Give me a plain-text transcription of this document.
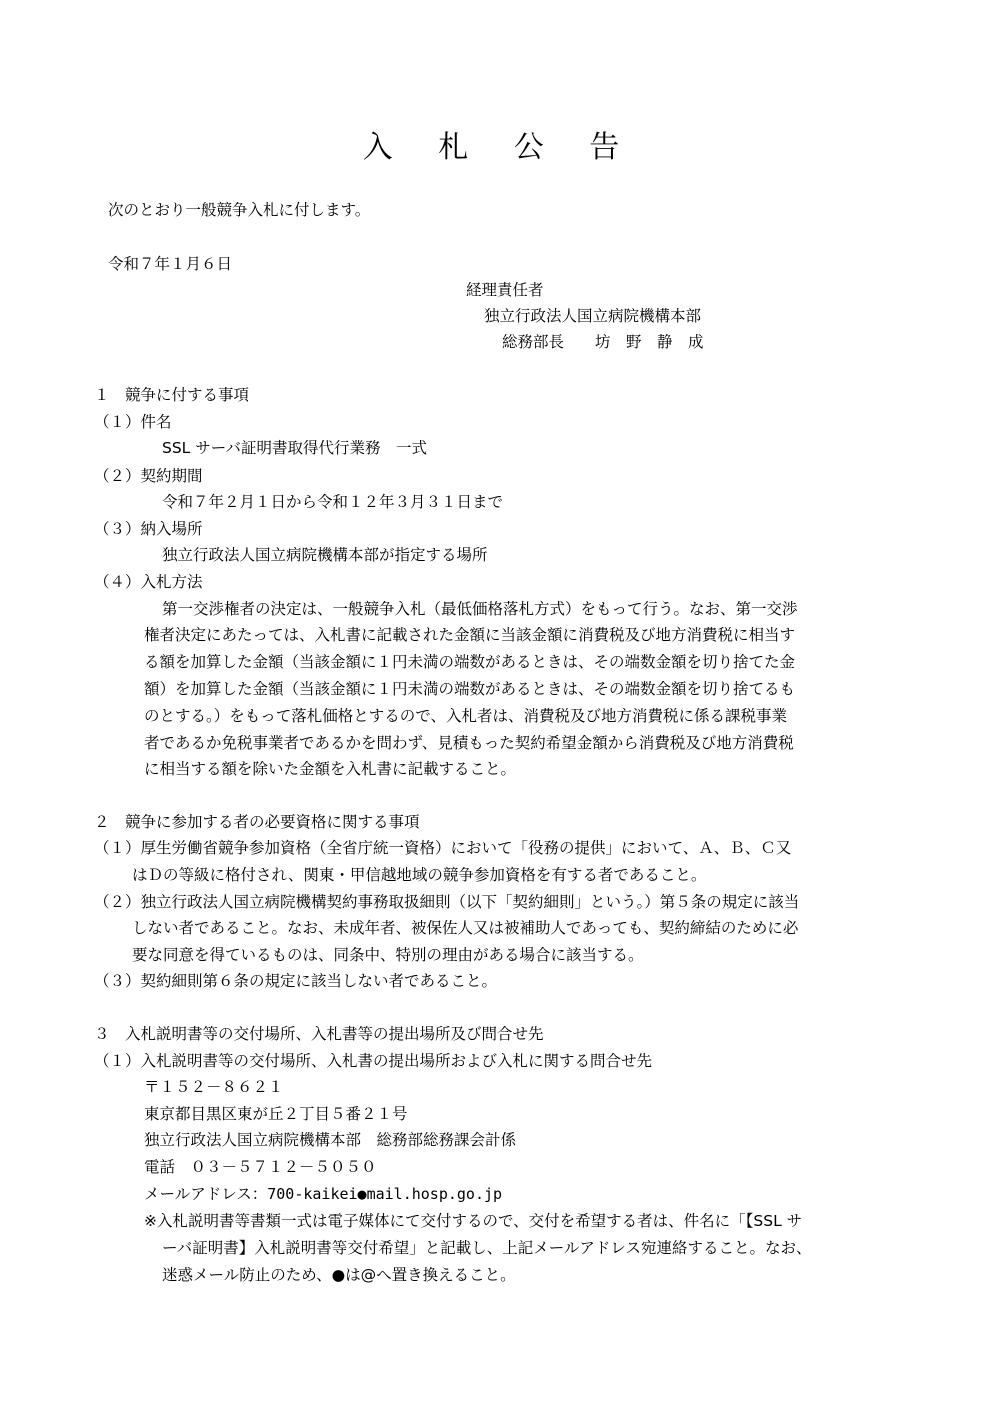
入 札 公 告
次のとおり一般競争入札に付します。
令和７年１月６日
経理責任者
独立行政法人国立病院機構本部
総務部長　　坊　野　静　成
１　競争に付する事項
（１）件名
SSL サーバ証明書取得代行業務　一式
（２）契約期間
令和７年２月１日から令和１２年３月３１日まで
（３）納入場所
独立行政法人国立病院機構本部が指定する場所
（４）入札方法
第一交渉権者の決定は、一般競争入札（最低価格落札方式）をもって行う。なお、第一交渉
権者決定にあたっては、入札書に記載された金額に当該金額に消費税及び地方消費税に相当す
る額を加算した金額（当該金額に１円未満の端数があるときは、その端数金額を切り捨てた金
額）を加算した金額（当該金額に１円未満の端数があるときは、その端数金額を切り捨てるも
のとする。）をもって落札価格とするので、入札者は、消費税及び地方消費税に係る課税事業
者であるか免税事業者であるかを問わず、見積もった契約希望金額から消費税及び地方消費税
に相当する額を除いた金額を入札書に記載すること。
２　競争に参加する者の必要資格に関する事項
（１）厚生労働省競争参加資格（全省庁統一資格）において「役務の提供」において、Ａ、Ｂ、Ｃ又
はＤの等級に格付され、関東・甲信越地域の競争参加資格を有する者であること。
（２）独立行政法人国立病院機構契約事務取扱細則（以下「契約細則」という。）第５条の規定に該当
しない者であること。なお、未成年者、被保佐人又は被補助人であっても、契約締結のために必
要な同意を得ているものは、同条中、特別の理由がある場合に該当する。
（３）契約細則第６条の規定に該当しない者であること。
３　入札説明書等の交付場所、入札書等の提出場所及び問合せ先
（１）入札説明書等の交付場所、入札書の提出場所および入札に関する問合せ先
〒１５２－８６２１
東京都目黒区東が丘２丁目５番２１号
独立行政法人国立病院機構本部　総務部総務課会計係
電話　０３－５７１２－５０５０
メールアドレス：700-kaikei●mail.hosp.go.jp
※入札説明書等書類一式は電子媒体にて交付するので、交付を希望する者は、件名に「【SSL サ
ーバ証明書】入札説明書等交付希望」と記載し、上記メールアドレス宛連絡すること。なお、
迷惑メール防止のため、●は@へ置き換えること。
